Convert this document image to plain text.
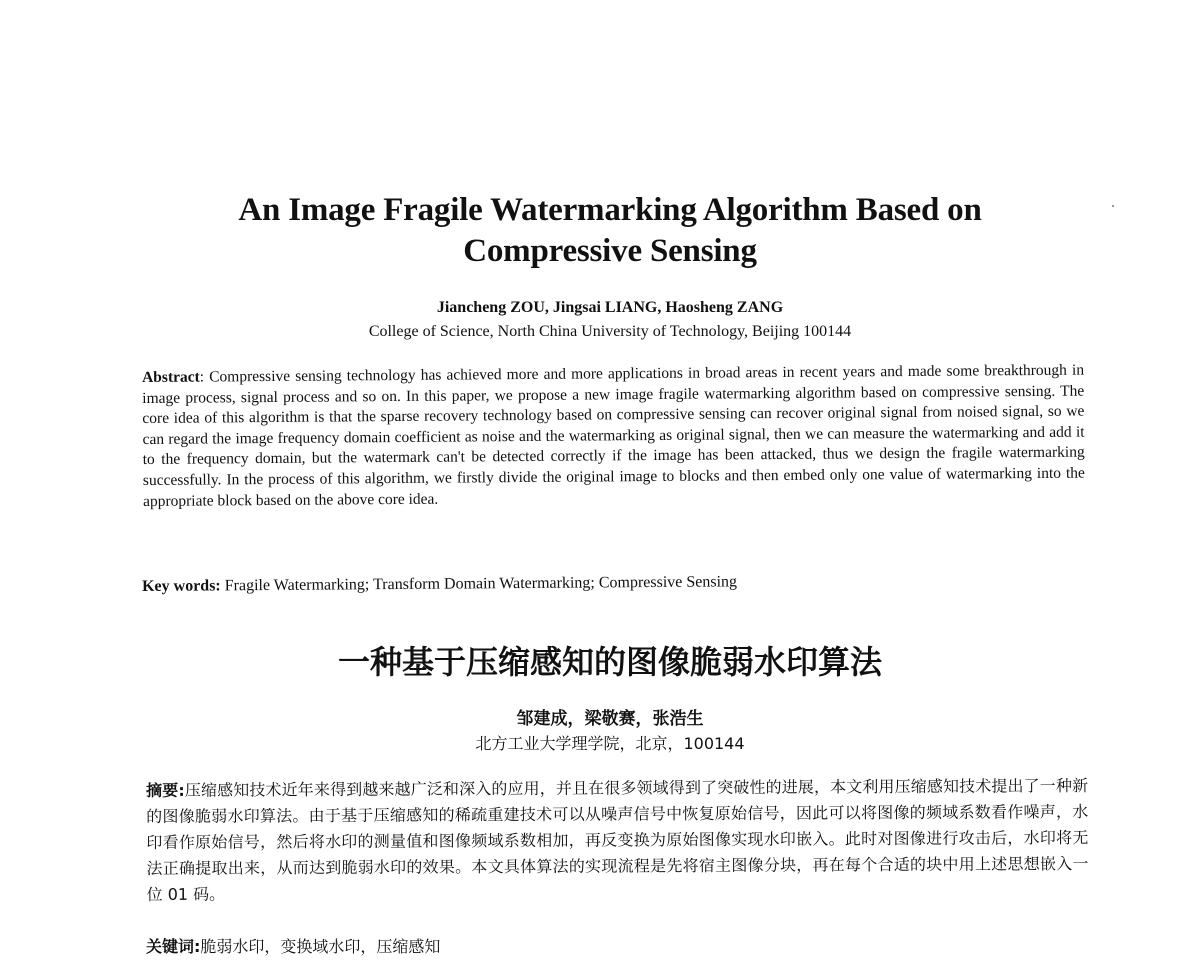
An Image Fragile Watermarking Algorithm Based on Compressive Sensing
Jiancheng ZOU, Jingsai LIANG, Haosheng ZANG
College of Science, North China University of Technology, Beijing 100144
Abstract: Compressive sensing technology has achieved more and more applications in broad areas in recent years and made some breakthrough in image process, signal process and so on. In this paper, we propose a new image fragile watermarking algorithm based on compressive sensing. The core idea of this algorithm is that the sparse recovery technology based on compressive sensing can recover original signal from noised signal, so we can regard the image frequency domain coefficient as noise and the watermarking as original signal, then we can measure the watermarking and add it to the frequency domain, but the watermark can't be detected correctly if the image has been attacked, thus we design the fragile watermarking successfully. In the process of this algorithm, we firstly divide the original image to blocks and then embed only one value of watermarking into the appropriate block based on the above core idea.
Key words: Fragile Watermarking; Transform Domain Watermarking; Compressive Sensing
一种基于压缩感知的图像脆弱水印算法
邹建成，梁敬赛，张浩生
北方工业大学理学院，北京，100144
摘要:压缩感知技术近年来得到越来越广泛和深入的应用，并且在很多领域得到了突破性的进展，本文利用压缩感知技术提出了一种新的图像脆弱水印算法。由于基于压缩感知的稀疏重建技术可以从噪声信号中恢复原始信号，因此可以将图像的频域系数看作噪声，水印看作原始信号，然后将水印的测量值和图像频域系数相加，再反变换为原始图像实现水印嵌入。此时对图像进行攻击后，水印将无法正确提取出来，从而达到脆弱水印的效果。本文具体算法的实现流程是先将宿主图像分块，再在每个合适的块中用上述思想嵌入一位 01 码。
关键词:脆弱水印，变换域水印，压缩感知
